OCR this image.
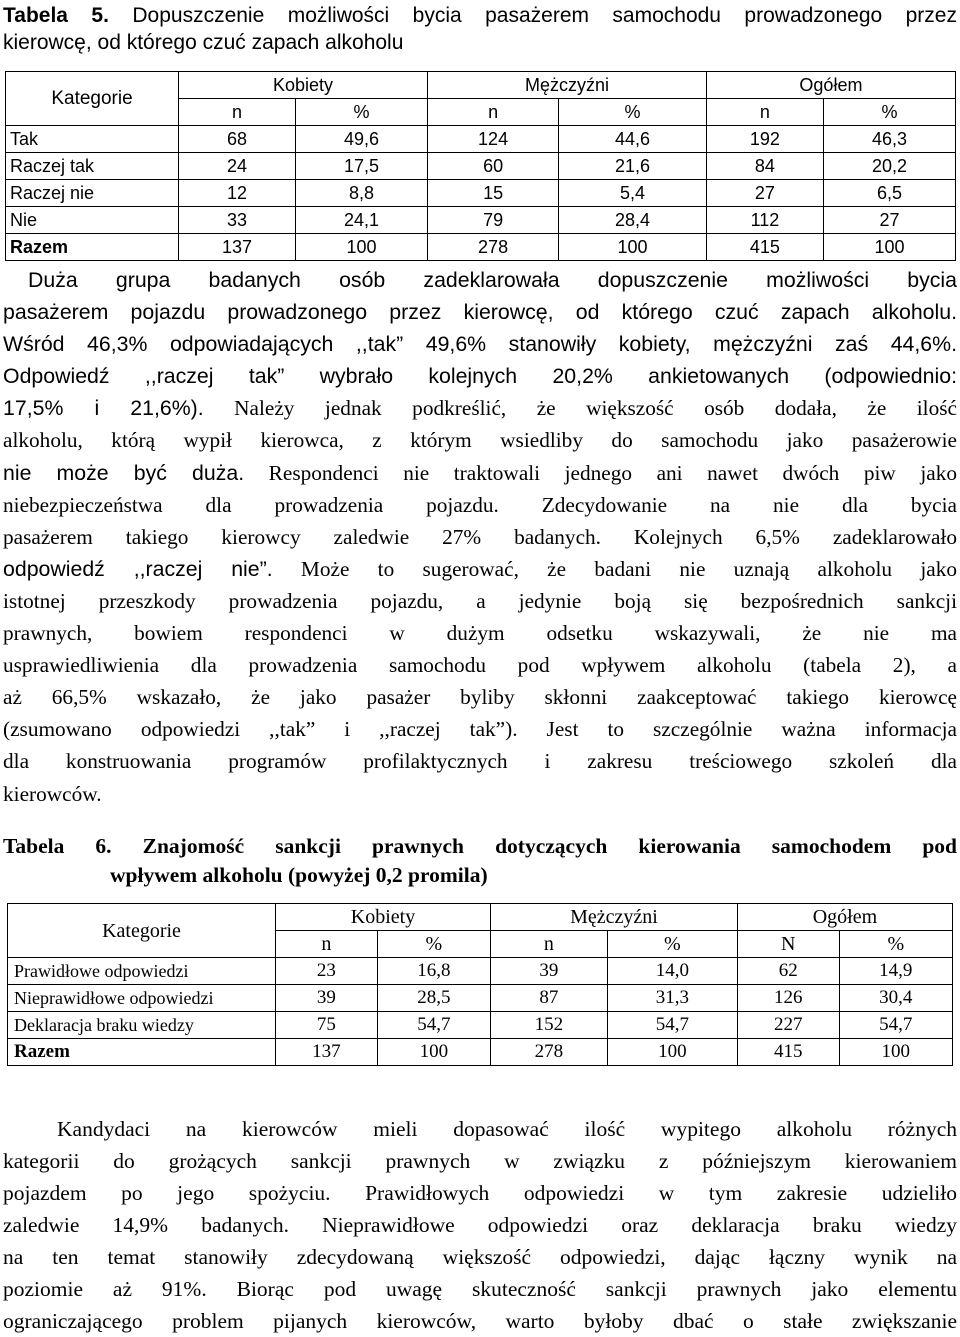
Tabela 5. Dopuszczenie możliwości bycia pasażerem samochodu prowadzonego przez
kierowcę, od którego czuć zapach alkoholu
Kategorie	Kobiety		Mężczyźni		Ogółem	
	n	%	n	%	n	%
Tak	68	49,6	124	44,6	192	46,3
Raczej tak	24	17,5	60	21,6	84	20,2
Raczej nie	12	8,8	15	5,4	27	6,5
Nie	33	24,1	79	28,4	112	27
Razem	137	100	278	100	415	100
Duża grupa badanych osób zadeklarowała dopuszczenie możliwości bycia
pasażerem pojazdu prowadzonego przez kierowcę, od którego czuć zapach alkoholu.
Wśród 46,3% odpowiadających ,,tak” 49,6% stanowiły kobiety, mężczyźni zaś 44,6%.
Odpowiedź ,,raczej tak” wybrało kolejnych 20,2% ankietowanych (odpowiednio:
17,5% i 21,6%). Należy jednak podkreślić, że większość osób dodała, że ilość
alkoholu, którą wypił kierowca, z którym wsiedliby do samochodu jako pasażerowie
nie może być duża. Respondenci nie traktowali jednego ani nawet dwóch piw jako
niebezpieczeństwa dla prowadzenia pojazdu. Zdecydowanie na nie dla bycia
pasażerem takiego kierowcy zaledwie 27% badanych. Kolejnych 6,5% zadeklarowało
odpowiedź ,,raczej nie”. Może to sugerować, że badani nie uznają alkoholu jako
istotnej przeszkody prowadzenia pojazdu, a jedynie boją się bezpośrednich sankcji
prawnych, bowiem respondenci w dużym odsetku wskazywali, że nie ma
usprawiedliwienia dla prowadzenia samochodu pod wpływem alkoholu (tabela 2), a
aż 66,5% wskazało, że jako pasażer byliby skłonni zaakceptować takiego kierowcę
(zsumowano odpowiedzi ,,tak” i ,,raczej tak”). Jest to szczególnie ważna informacja
dla konstruowania programów profilaktycznych i zakresu treściowego szkoleń dla
kierowców.
Tabela 6. Znajomość sankcji prawnych dotyczących kierowania samochodem pod
wpływem alkoholu (powyżej 0,2 promila)
Kategorie	Kobiety		Mężczyźni		Ogółem	
	n	%	n	%	N	%
Prawidłowe odpowiedzi	23	16,8	39	14,0	62	14,9
Nieprawidłowe odpowiedzi	39	28,5	87	31,3	126	30,4
Deklaracja braku wiedzy	75	54,7	152	54,7	227	54,7
Razem	137	100	278	100	415	100
Kandydaci na kierowców mieli dopasować ilość wypitego alkoholu różnych
kategorii do grożących sankcji prawnych w związku z późniejszym kierowaniem
pojazdem po jego spożyciu. Prawidłowych odpowiedzi w tym zakresie udzieliło
zaledwie 14,9% badanych. Nieprawidłowe odpowiedzi oraz deklaracja braku wiedzy
na ten temat stanowiły zdecydowaną większość odpowiedzi, dając łączny wynik na
poziomie aż 91%. Biorąc pod uwagę skuteczność sankcji prawnych jako elementu
ograniczającego problem pijanych kierowców, warto byłoby dbać o stałe zwiększanie
